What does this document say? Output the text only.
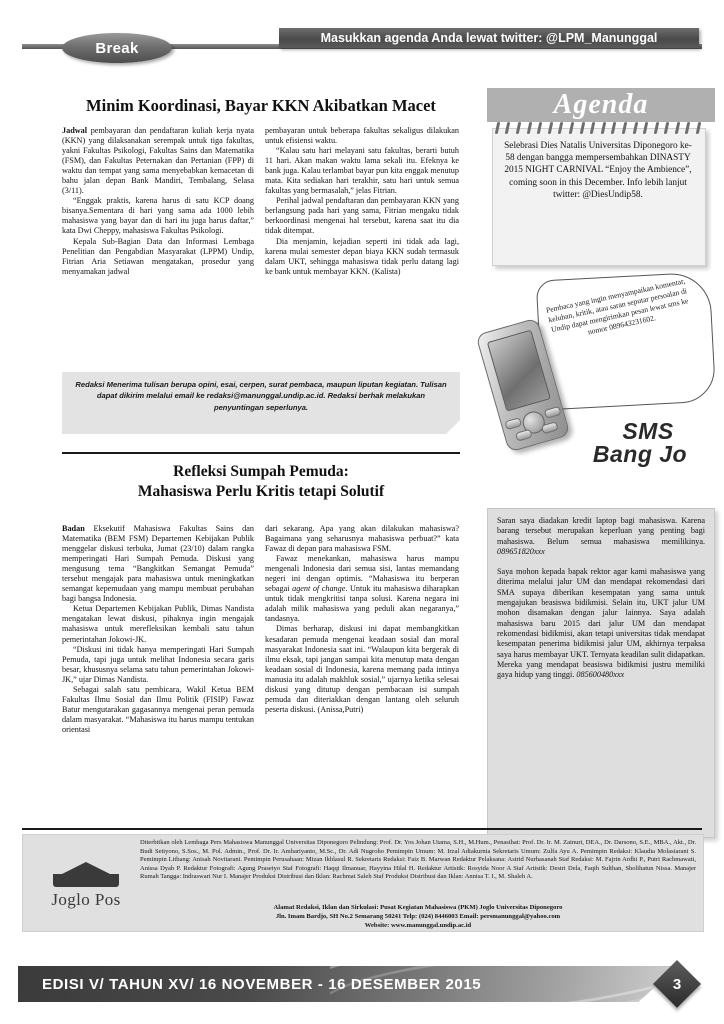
Break
Masukkan agenda Anda lewat twitter: @LPM_Manunggal
Minim Koordinasi, Bayar KKN Akibatkan Macet

Jadwal pembayaran dan pendaftaran kuliah kerja nyata (KKN) yang dilaksanakan serempak untuk tiga fakultas, yakni Fakultas Psikologi, Fakultas Sains dan Matematika (FSM), dan Fakultas Peternakan dan Pertanian (FPP) di waktu dan tempat yang sama menyebabkan kemacetan di bahu jalan depan Bank Mandiri, Tembalang, Selasa (3/11).

“Enggak praktis, karena harus di satu KCP doang bisanya.Sementara di hari yang sama ada 1000 lebih mahasiswa yang bayar dan di hari itu juga harus daftar,” kata Dwi Cheppy, mahasiswa Fakultas Psikologi.

Kepala Sub-Bagian Data dan Informasi Lembaga Penelitian dan Pengabdian Masyarakat (LPPM) Undip, Fitrian Aria Setiawan mengatakan, prosedur yang menyamakan jadwal

pembayaran untuk beberapa fakultas sekaligus dilakukan untuk efisiensi waktu.

“Kalau satu hari melayani satu fakultas, berarti butuh 11 hari. Akan makan waktu lama sekali itu. Efeknya ke bank juga. Kalau terlambat bayar pun kita enggak menutup mata. Kita sediakan hari terakhir, satu hari untuk semua fakultas yang bermasalah,” jelas Fitrian.

Perihal jadwal pendaftaran dan pembayaran KKN yang berlangsung pada hari yang sama, Fitrian mengaku tidak berkoordinasi mengenai hal tersebut, karena saat itu dia tidak ditempat.

Dia menjamin, kejadian seperti ini tidak ada lagi, karena mulai semester depan biaya KKN sudah termasuk dalam UKT, sehingga mahasiswa tidak perlu datang lagi ke bank untuk membayar KKN. (Kalista)

Agenda
Selebrasi Dies Natalis Universitas Diponegoro ke-58 dengan bangga mempersembahkan DINASTY 2015 NIGHT CARNIVAL “Enjoy the Ambience”, coming soon in this December. Info lebih lanjut twitter: @DiesUndip58.
Pembaca yang ingin menyampaikan komentar, keluhan, kritik, atau saran seputar persoalan di Undip dapat mengirimkan pesan lewat sms ke nomor 089643231602.
SMS
Bang Jo

Saran saya diadakan kredit laptop bagi mahasiswa. Karena barang tersebut merupakan keperluan yang penting bagi mahasiswa. Belum semua mahasiswa memilikinya. 089651820xxx

Saya mohon kepada bapak rektor agar kami mahasiswa yang diterima melalui jalur UM dan mendapat rekomendasi dari SMA supaya diberikan kesempatan yang sama untuk mengajukan beasiswa bidikmisi. Selain itu, UKT jalur UM mohon disamakan dengan jalur lainnya. Saya adalah mahasiswa baru 2015 dari jalur UM dan mendapat rekomendasi bidikmisi, akan tetapi universitas tidak mendapat kesempatan penerima bidikmisi jalur UM, akhirnya terpaksa saya harus membayar UKT. Ternyata keadilan sulit didapatkan. Mereka yang mendapat beasiswa bidikmisi justru memiliki gaya hidup yang tinggi. 085600480xxx

Redaksi Menerima tulisan berupa opini, esai, cerpen, surat pembaca, maupun liputan kegiatan. Tulisan dapat dikirim melalui email ke redaksi@manunggal.undip.ac.id. Redaksi berhak melakukan penyuntingan seperlunya.
Refleksi Sumpah Pemuda:
Mahasiswa Perlu Kritis tetapi Solutif

Badan Eksekutif Mahasiswa Fakultas Sains dan Matematika (BEM FSM) Departemen Kebijakan Publik menggelar diskusi terbuka, Jumat (23/10) dalam rangka memperingati Hari Sumpah Pemuda. Diskusi yang mengusung tema “Bangkitkan Semangat Pemuda” tersebut mengajak para mahasiswa untuk meningkatkan semangat kepemudaan yang mampu membuat perubahan bagi bangsa Indonesia.

Ketua Departemen Kebijakan Publik, Dimas Nandista mengatakan lewat diskusi, pihaknya ingin mengajak mahasiswa untuk merefleksikan kembali satu tahun pemerintahan Jokowi-JK.

“Diskusi ini tidak hanya memperingati Hari Sumpah Pemuda, tapi juga untuk melihat Indonesia secara garis besar, khususnya selama satu tahun pemerintahan Jokowi-JK,” ujar Dimas Nandista.

Sebagai salah satu pembicara, Wakil Ketua BEM Fakultas Ilmu Sosial dan Ilmu Politik (FISIP) Fawaz Batur mengutarakan gagasannya mengenai peran pemuda dalam masyarakat. “Mahasiswa itu harus mampu tentukan orientasi

dari sekarang. Apa yang akan dilakukan mahasiswa? Bagaimana yang seharusnya mahasiswa perbuat?” kata Fawaz di depan para mahasiswa FSM.

Fawaz menekankan, mahasiswa harus mampu mengenali Indonesia dari semua sisi, lantas memandang negeri ini dengan optimis. “Mahasiswa itu berperan sebagai agent of change. Untuk itu mahasiswa diharapkan untuk tidak mengkritisi tanpa solusi. Karena negara ini adalah milik mahasiswa yang peduli akan negaranya,” tandasnya.

Dimas berharap, diskusi ini dapat membangkitkan kesadaran pemuda mengenai keadaan sosial dan moral masyarakat Indonesia saat ini. “Walaupun kita bergerak di ilmu eksak, tapi jangan sampai kita menutup mata dengan keadaan sosial di Indonesia, karena memang pada intinya manusia itu adalah makhluk sosial,” ujarnya ketika selesai diskusi yang ditutup dengan pembacaan isi sumpah pemuda dan diteriakkan dengan lantang oleh seluruh peserta diskusi. (Anissa,Putri)

Joglo Pos
Diterbitkan oleh Lembaga Pers Mahasiswa Manunggal Universitas Diponegoro Pelindung: Prof. Dr. Yos Johan Utama, S.H., M.Hum., Penasihat: Prof. Dr. Ir. M. Zainuri, DEA., Dr. Darsono, S.E., MBA., Akt., Dr. Budi Setiyono, S.Sos., M. Pol. Admin., Prof. Dr. Ir. Ambariyanto, M.Sc., Dr. Adi Nugroho Pemimpin Umum: M. Irzal Adiakurnia Sekretaris Umum: Zulfa Ayu A. Pemimpin Redaksi: Klaudia Molasiarani S. Pemimpin Litbang: Anisah Novitarani. Pemimpin Perusahaan: Mizan Ikhlasul R. Sekretaris Redaksi: Faiz B. Marwan Redaktur Pelaksana: Astrid Nurhasanah Staf Redaksi: M. Fajrin Ardhi P., Putri Rachmawati, Anissa Dyah P. Redaktur Fotografi: Agung Prasetyo Staf Fotografi: Haqqi Ilmanuar, Hayyina Hilal H. Redaktur Artistik: Rosyida Noor A Staf Artistik: Destri Dela, Faqih Sulthan, Sholihatun Nissa. Manajer Rumah Tangga: Indraswari Nur I. Manajer Produksi Distribusi dan Iklan: Rachmat Saleh Staf Produksi Distribusi dan Iklan: Annisa T. I., M. Shaleh A.
Alamat Redaksi, Iklan dan Sirkulasi: Pusat Kegiatan Mahasiswa (PKM) Joglo Universitas Diponegoro
Jln. Imam Bardjo, SH No.2 Semarang 50241 Telp: (024) 8446003 Email: persmanunggal@yahoo.com
Website: www.manunggal.undip.ac.id
EDISI V/ TAHUN XV/ 16 NOVEMBER - 16 DESEMBER 2015	3
